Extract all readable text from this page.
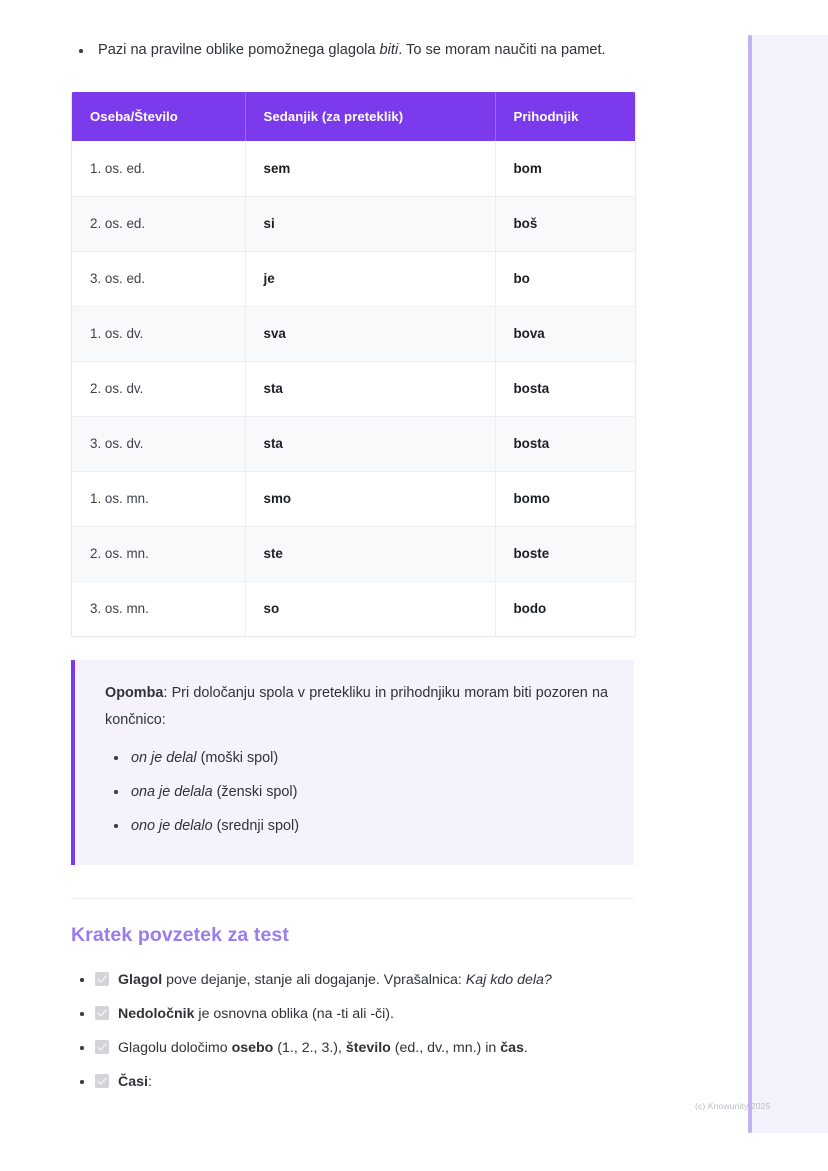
Pazi na pravilne oblike pomožnega glagola biti. To se moram naučiti na pamet.
Oseba/Število	Sedanjik (za preteklik)	Prihodnjik
1. os. ed.	sem	bom
2. os. ed.	si	boš
3. os. ed.	je	bo
1. os. dv.	sva	bova
2. os. dv.	sta	bosta
3. os. dv.	sta	bosta
1. os. mn.	smo	bomo
2. os. mn.	ste	boste
3. os. mn.	so	bodo

Opomba: Pri določanju spola v pretekliku in prihodnjiku moram biti pozoren na končnico:

on je delal (moški spol)
ona je delala (ženski spol)
ono je delalo (srednji spol)
Kratek povzetek za test
Glagol pove dejanje, stanje ali dogajanje. Vprašalnica: Kaj kdo dela?
Nedoločnik je osnovna oblika (na -ti ali -či).
Glagolu določimo osebo (1., 2., 3.), število (ed., dv., mn.) in čas.
Časi:
(c) Knowunity 2025
